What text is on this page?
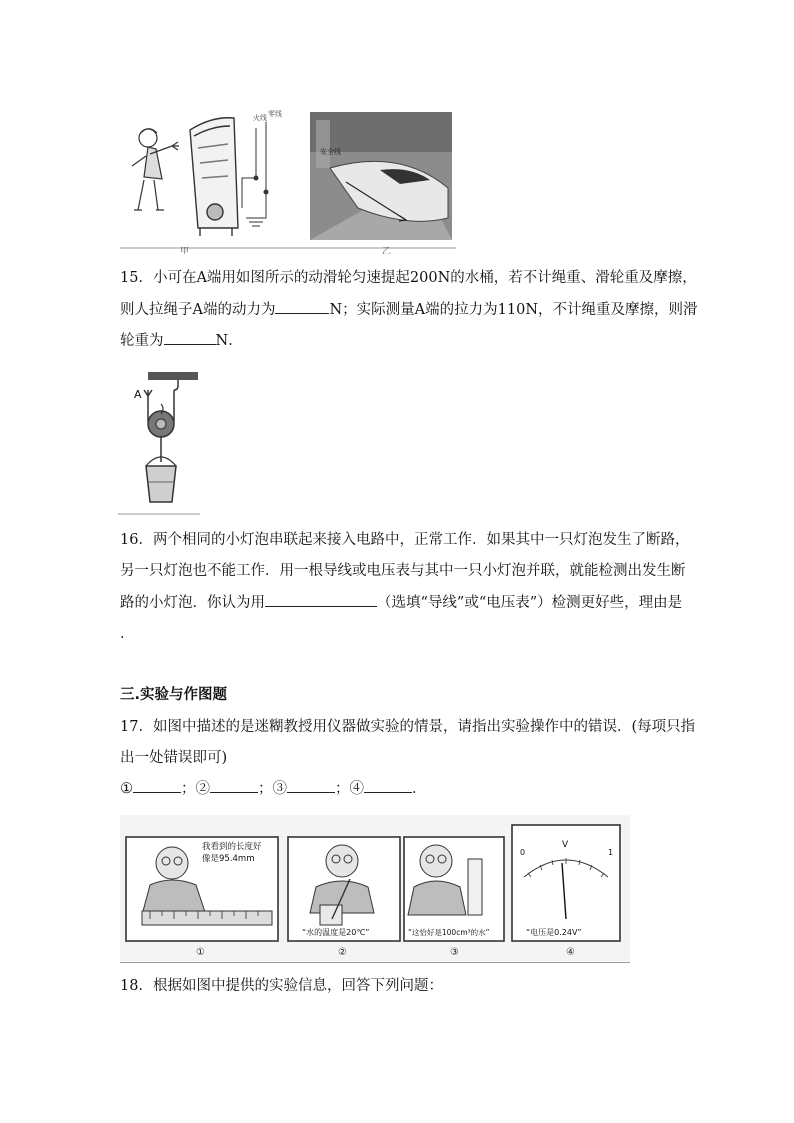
火线 零线
安全线
甲	乙
15．小可在A端用如图所示的动滑轮匀速提起200N的水桶，若不计绳重、滑轮重及摩擦，
则人拉绳子A端的动力为	N；实际测量A端的拉力为110N，不计绳重及摩擦，则滑
轮重为	N．
A
16．两个相同的小灯泡串联起来接入电路中，正常工作．如果其中一只灯泡发生了断路，
另一只灯泡也不能工作．用一根导线或电压表与其中一只小灯泡并联，就能检测出发生断
路的小灯泡．你认为用	（选填“导线”或“电压表”）检测更好些，理由是
．
三.实验与作图题
17．如图中描述的是迷糊教授用仪器做实验的情景，请指出实验操作中的错误．(每项只指
出一处错误即可)
①	；②	；③	；④	．
我看到的长度好
像是95.4mm
“水的温度是20℃”	“这恰好是100cm³的水”
0	1
V
“电压是0.24V”
①	②	③	④
18．根据如图中提供的实验信息，回答下列问题：
